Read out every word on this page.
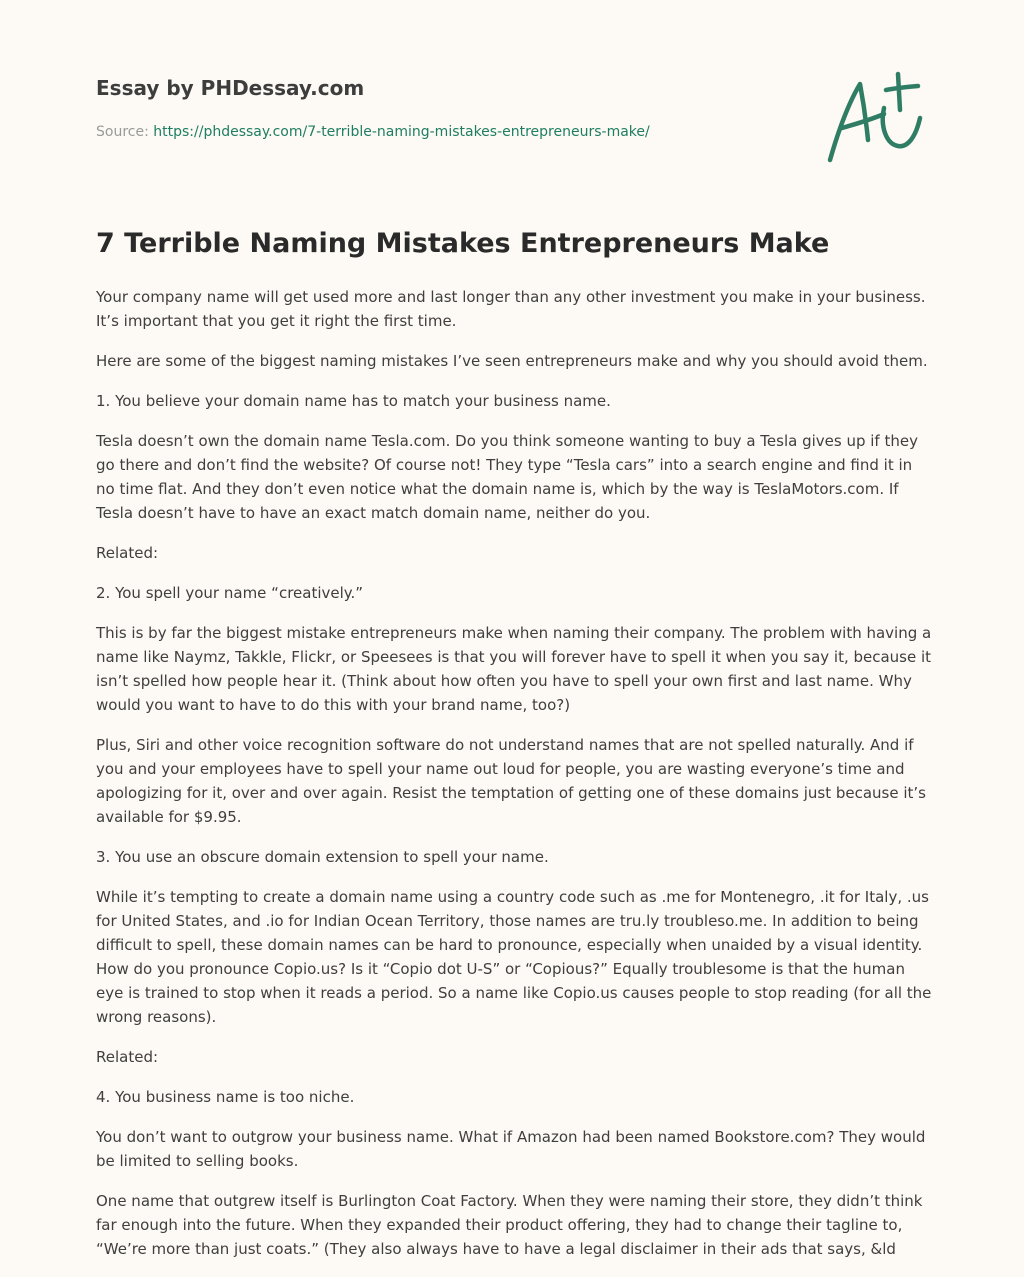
Essay by PHDessay.com
Source: https://phdessay.com/7-terrible-naming-mistakes-entrepreneurs-make/
7 Terrible Naming Mistakes Entrepreneurs Make

Your company name will get used more and last longer than any other investment you make in your business. It’s important that you get it right the first time.

Here are some of the biggest naming mistakes I’ve seen entrepreneurs make and why you should avoid them.

1. You believe your domain name has to match your business name.

Tesla doesn’t own the domain name Tesla.com. Do you think someone wanting to buy a Tesla gives up if they go there and don’t find the website? Of course not! They type “Tesla cars” into a search engine and find it in no time flat. And they don’t even notice what the domain name is, which by the way is TeslaMotors.com. If Tesla doesn’t have to have an exact match domain name, neither do you.

Related:

2. You spell your name “creatively.”

This is by far the biggest mistake entrepreneurs make when naming their company. The problem with having a name like Naymz, Takkle, Flickr, or Speesees is that you will forever have to spell it when you say it, because it isn’t spelled how people hear it. (Think about how often you have to spell your own first and last name. Why would you want to have to do this with your brand name, too?)

Plus, Siri and other voice recognition software do not understand names that are not spelled naturally. And if you and your employees have to spell your name out loud for people, you are wasting everyone’s time and apologizing for it, over and over again. Resist the temptation of getting one of these domains just because it’s available for $9.95.

3. You use an obscure domain extension to spell your name.

While it’s tempting to create a domain name using a country code such as .me for Montenegro, .it for Italy, .us for United States, and .io for Indian Ocean Territory, those names are tru.ly troubleso.me. In addition to being difficult to spell, these domain names can be hard to pronounce, especially when unaided by a visual identity. How do you pronounce Copio.us? Is it “Copio dot U-S” or “Copious?” Equally troublesome is that the human eye is trained to stop when it reads a period. So a name like Copio.us causes people to stop reading (for all the wrong reasons).

Related:

4. You business name is too niche.

You don’t want to outgrow your business name. What if Amazon had been named Bookstore.com? They would be limited to selling books.

One name that outgrew itself is Burlington Coat Factory. When they were naming their store, they didn’t think far enough into the future. When they expanded their product offering, they had to change their tagline to, “We’re more than just coats.” (They also always have to have a legal disclaimer in their ads that says, &ld
